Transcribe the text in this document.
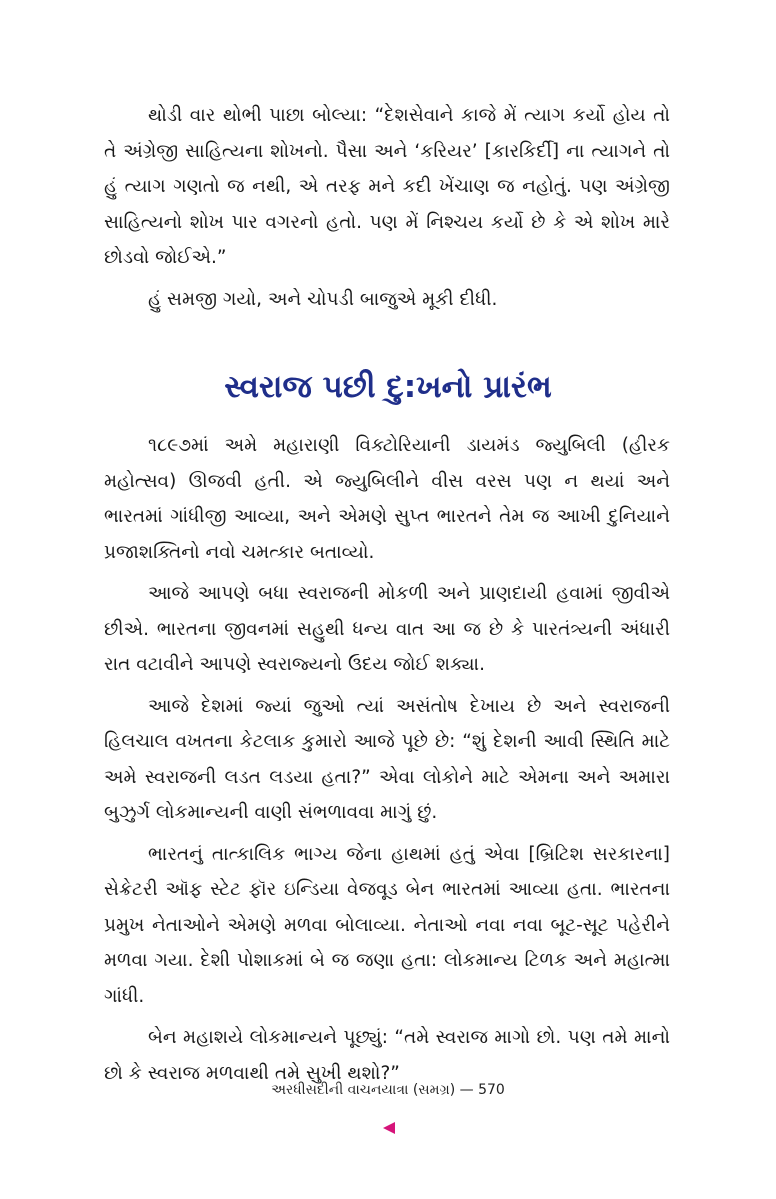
થોડી વાર થોભી પાછા બોલ્યા: “દેશસેવાને કાજે મેં ત્યાગ કર્યો હોય તો તે અંગ્રેજી સાહિત્યના શોખનો. પૈસા અને ‘કરિયર’ [કારકિર્દી] ના ત્યાગને તો હું ત્યાગ ગણતો જ નથી, એ તરફ મને કદી ખેંચાણ જ નહોતું. પણ અંગ્રેજી સાહિત્યનો શોખ પાર વગરનો હતો. પણ મેં નિશ્ચય કર્યો છે કે એ શોખ મારે છોડવો જોઈએ.”

હું સમજી ગયો, અને ચોપડી બાજુએ મૂકી દીધી.

સ્વરાજ પછી દુ:ખનો પ્રારંભ

૧૮૯૭માં અમે મહારાણી વિક્ટોરિયાની ડાયમંડ જ્યુબિલી (હીરક મહોત્સવ) ઊજવી હતી. એ જ્યુબિલીને વીસ વરસ પણ ન થયાં અને ભારતમાં ગાંધીજી આવ્યા, અને એમણે સુપ્ત ભારતને તેમ જ આખી દુનિયાને પ્રજાશક્તિનો નવો ચમત્કાર બતાવ્યો.

આજે આપણે બધા સ્વરાજની મોકળી અને પ્રાણદાયી હવામાં જીવીએ છીએ. ભારતના જીવનમાં સહુથી ધન્ય વાત આ જ છે કે પારતંત્ર્યની અંધારી રાત વટાવીને આપણે સ્વરાજ્યનો ઉદય જોઈ શક્યા.

આજે દેશમાં જ્યાં જુઓ ત્યાં અસંતોષ દેખાય છે અને સ્વરાજની હિલચાલ વખતના કેટલાક કુમારો આજે પૂછે છે: “શું દેશની આવી સ્થિતિ માટે અમે સ્વરાજની લડત લડયા હતા?” એવા લોકોને માટે એમના અને અમારા બુઝુર્ગ લોકમાન્યની વાણી સંભળાવવા માગું છું.

ભારતનું તાત્કાલિક ભાગ્ય જેના હાથમાં હતું એવા [બ્રિટિશ સરકારના] સેક્રેટરી ઑફ સ્ટેટ ફૉર ઇન્ડિયા વેજવૂડ બેન ભારતમાં આવ્યા હતા. ભારતના પ્રમુખ નેતાઓને એમણે મળવા બોલાવ્યા. નેતાઓ નવા નવા બૂટ-સૂટ પહેરીને મળવા ગયા. દેશી પોશાકમાં બે જ જણા હતા: લોકમાન્ય ટિળક અને મહાત્મા ગાંધી.

બેન મહાશયે લોકમાન્યને પૂછ્યું: “તમે સ્વરાજ માગો છો. પણ તમે માનો છો કે સ્વરાજ મળવાથી તમે સુખી થશો?”

અરધીસદીની વાચનયાત્રા (સમગ્ર) — 570
